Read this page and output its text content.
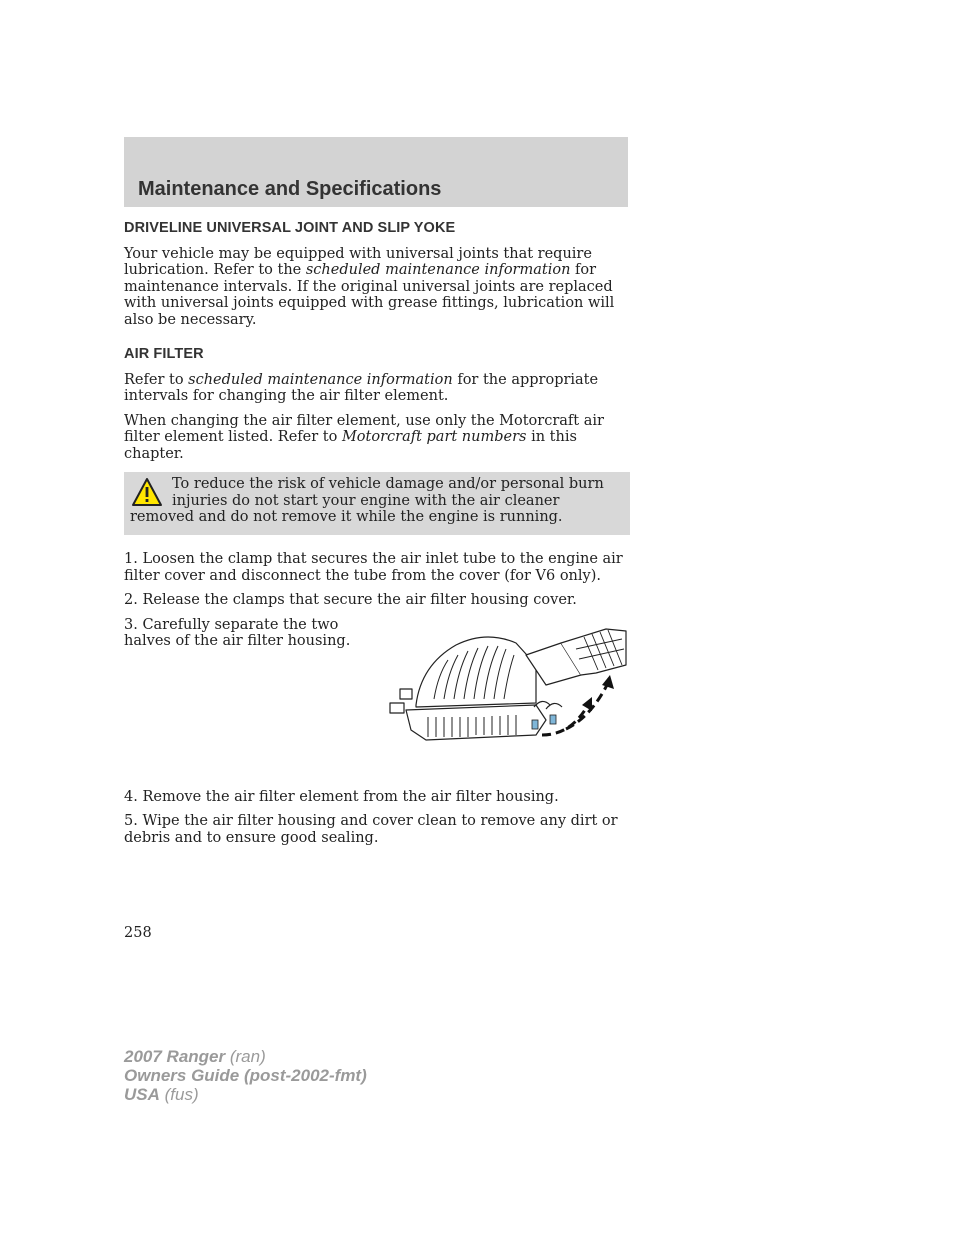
Maintenance and Specifications
DRIVELINE UNIVERSAL JOINT AND SLIP YOKE

Your vehicle may be equipped with universal joints that require lubrication. Refer to the scheduled maintenance information for maintenance intervals. If the original universal joints are replaced with universal joints equipped with grease fittings, lubrication will also be necessary.

AIR FILTER

Refer to scheduled maintenance information for the appropriate intervals for changing the air filter element.

When changing the air filter element, use only the Motorcraft air filter element listed. Refer to Motorcraft part numbers in this chapter.

To reduce the risk of vehicle damage and/or personal burn injuries do not start your engine with the air cleaner removed and do not remove it while the engine is running.

1. Loosen the clamp that secures the air inlet tube to the engine air filter cover and disconnect the tube from the cover (for V6 only).

2. Release the clamps that secure the air filter housing cover.

3. Carefully separate the two halves of the air filter housing.

4. Remove the air filter element from the air filter housing.

5. Wipe the air filter housing and cover clean to remove any dirt or debris and to ensure good sealing.

258
2007 Ranger (ran)
Owners Guide (post-2002-fmt)
USA (fus)
